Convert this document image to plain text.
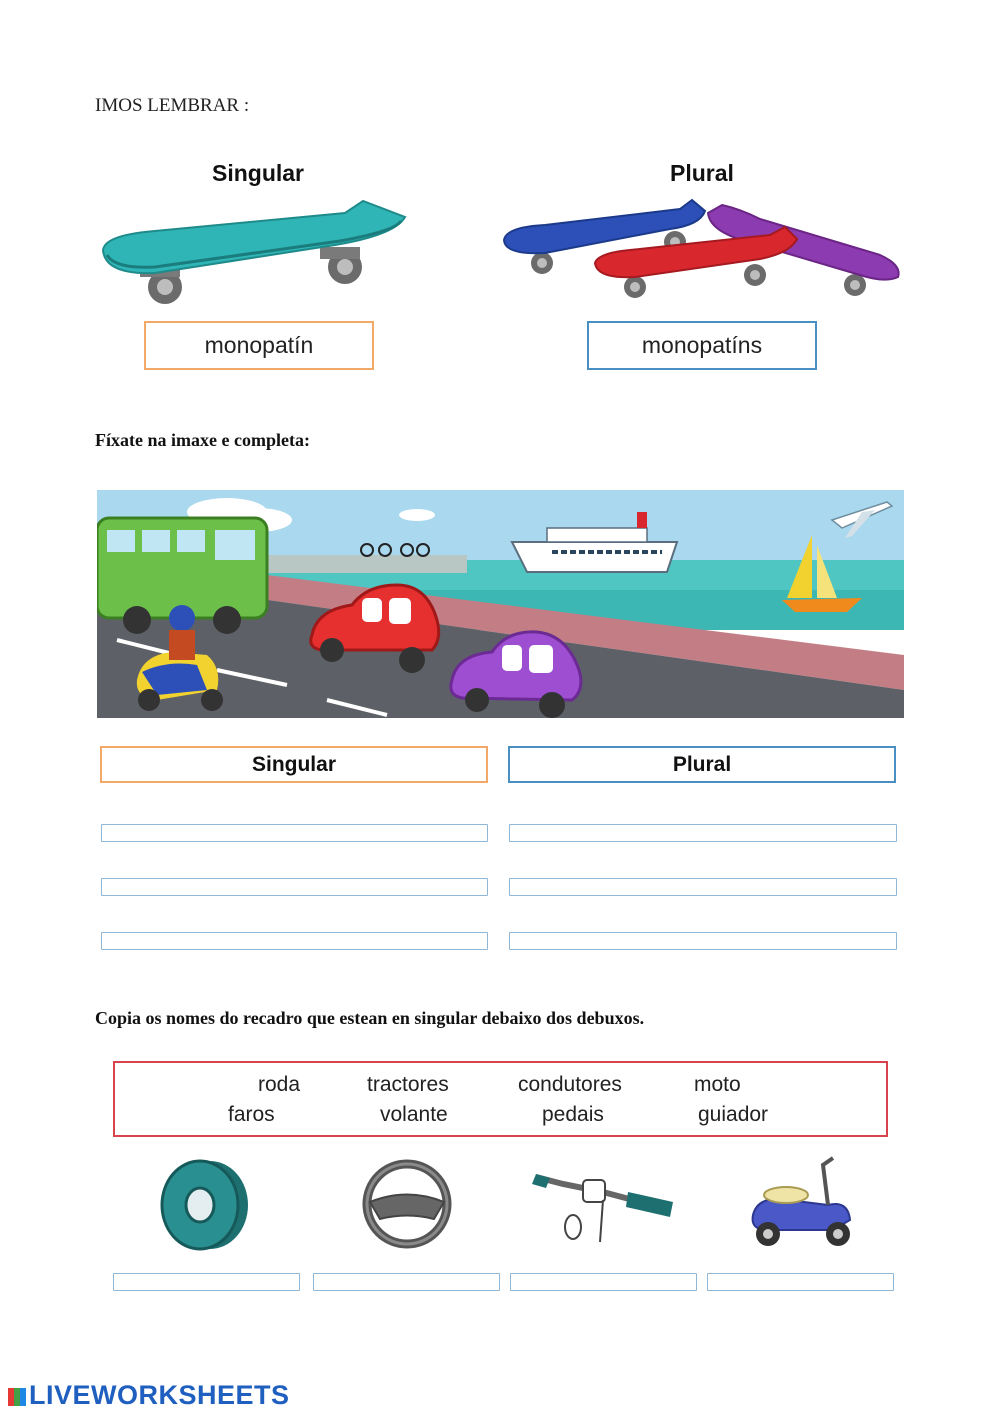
IMOS LEMBRAR :
Singular	Plural
monopatín	monopatíns
Fíxate na imaxe e completa:
Singular	Plural
Copia os nomes do recadro que estean en singular debaixo dos debuxos.
roda	tractores	condutores	moto
faros	volante	pedais	guiador
LIVEWORKSHEETS
